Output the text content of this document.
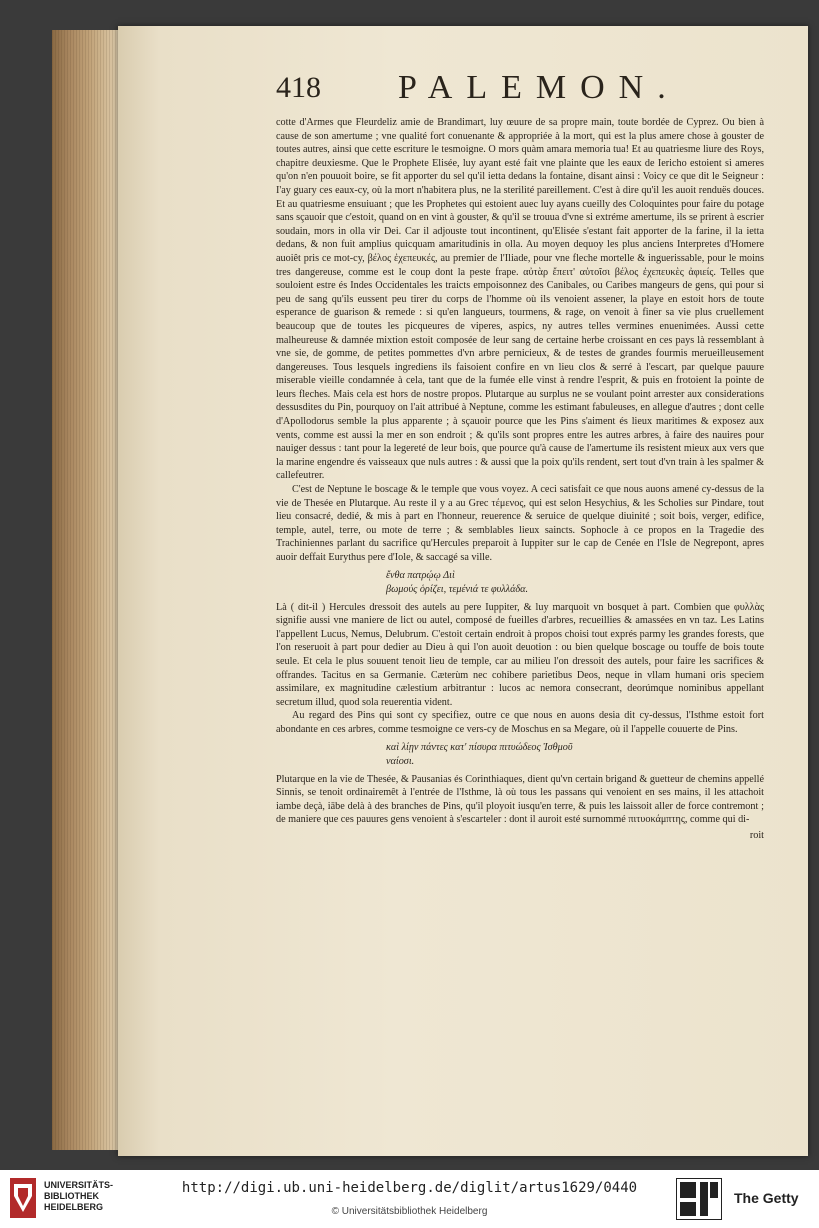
418 PALEMON.

cotte d'Armes que Fleurdeliz amie de Brandimart, luy œuure de sa propre main, toute bordée de Cyprez. Ou bien à cause de son amertume ; vne qualité fort conuenante & appropriée à la mort, qui est la plus amere chose à gouster de toutes autres, ainsi que cette escriture le tesmoigne. O mors quàm amara memoria tua! Et au quatriesme liure des Roys, chapitre deuxiesme. Que le Prophete Elisée, luy ayant esté fait vne plainte que les eaux de Iericho estoient si ameres qu'on n'en pouuoit boire, se fit apporter du sel qu'il ietta dedans la fontaine, disant ainsi : Voicy ce que dit le Seigneur : I'ay guary ces eaux-cy, où la mort n'habitera plus, ne la sterilité pareillement. C'est à dire qu'il les auoit renduës douces. Et au quatriesme ensuiuant ; que les Prophetes qui estoient auec luy ayans cueilly des Coloquintes pour faire du potage sans sçauoir que c'estoit, quand on en vint à gouster, & qu'il se trouua d'vne si extréme amertume, ils se prirent à escrier soudain, mors in olla vir Dei. Car il adjouste tout incontinent, qu'Elisée s'estant fait apporter de la farine, il la ietta dedans, & non fuit amplius quicquam amaritudinis in olla. Au moyen dequoy les plus anciens Interpretes d'Homere auoiêt pris ce mot-cy, βέλος ἐχεπευκές, au premier de l'Iliade, pour vne fleche mortelle & inguerissable, pour le moins tres dangereuse, comme est le coup dont la peste frape. αὐτὰρ ἔπειτ' αὐτοῖσι βέλος ἐχεπευκὲς ἀφιείς. Telles que souloient estre és Indes Occidentales les traicts empoisonnez des Canibales, ou Caribes mangeurs de gens, qui pour si peu de sang qu'ils eussent peu tirer du corps de l'homme où ils venoient assener, la playe en estoit hors de toute esperance de guarison & remede : si qu'en langueurs, tourmens, & rage, on venoit à finer sa vie plus cruellement beaucoup que de toutes les picqueures de viperes, aspics, ny autres telles vermines enuenimées. Aussi cette malheureuse & damnée mixtion estoit composée de leur sang de certaine herbe croissant en ces pays là ressemblant à vne sie, de gomme, de petites pommettes d'vn arbre pernicieux, & de testes de grandes fourmis merueilleusement dangereuses. Tous lesquels ingrediens ils faisoient confire en vn lieu clos & serré à l'escart, par quelque pauure miserable vieille condamnée à cela, tant que de la fumée elle vinst à rendre l'esprit, & puis en frotoient la pointe de leurs fleches. Mais cela est hors de nostre propos. Plutarque au surplus ne se voulant point arrester aux considerations dessusdites du Pin, pourquoy on l'ait attribué à Neptune, comme les estimant fabuleuses, en allegue d'autres ; dont celle d'Apollodorus semble la plus apparente ; à sçauoir pource que les Pins s'aiment és lieux maritimes & exposez aux vents, comme est aussi la mer en son endroit ; & qu'ils sont propres entre les autres arbres, à faire des nauires pour nauiger dessus : tant pour la legereté de leur bois, que pource qu'à cause de l'amertume ils resistent mieux aux vers que la marine engendre és vaisseaux que nuls autres : & aussi que la poix qu'ils rendent, sert tout d'vn train à les spalmer & callefeutrer.

C'est de Neptune le boscage & le temple que vous voyez. A ceci satisfait ce que nous auons amené cy-dessus de la vie de Thesée en Plutarque. Au reste il y a au Grec τέμενος, qui est selon Hesychius, & les Scholies sur Pindare, tout lieu consacré, dedié, & mis à part en l'honneur, reuerence & seruice de quelque diuinité ; soit bois, verger, edifice, temple, autel, terre, ou mote de terre ; & semblables lieux saincts. Sophocle à ce propos en la Tragedie des Trachiniennes parlant du sacrifice qu'Hercules preparoit à Iuppiter sur le cap de Cenée en l'Isle de Negrepont, apres auoir deffait Eurythus pere d'Iole, & saccagé sa ville.

ἔνθα πατρῴῳ Διὶ
βωμούς ὁρίζει, τεμένιά τε φυλλάδα.

Là ( dit-il ) Hercules dressoit des autels au pere Iuppiter, & luy marquoit vn bosquet à part. Combien que φυλλὰς signifie aussi vne maniere de lict ou autel, composé de fueilles d'arbres, recueillies & amassées en vn taz. Les Latins l'appellent Lucus, Nemus, Delubrum. C'estoit certain endroit à propos choisi tout exprés parmy les grandes forests, que l'on reseruoit à part pour dedier au Dieu à qui l'on auoit deuotion : ou bien quelque boscage ou touffe de bois toute seule. Et cela le plus souuent tenoit lieu de temple, car au milieu l'on dressoit des autels, pour faire les sacrifices & offrandes. Tacitus en sa Germanie. Cæterùm nec cohibere parietibus Deos, neque in vllam humani oris speciem assimilare, ex magnitudine cælestium arbitrantur : lucos ac nemora consecrant, deorúmque nominibus appellant secretum illud, quod sola reuerentia vident.

Au regard des Pins qui sont cy specifiez, outre ce que nous en auons desia dit cy-dessus, l'Isthme estoit fort abondante en ces arbres, comme tesmoigne ce vers-cy de Moschus en sa Megare, où il l'appelle couuerte de Pins.

καὶ λίῃν πάντες κατ' πίσυρα πιτυώδεος Ἰσθμοῦ
ναίοσι.

Plutarque en la vie de Thesée, & Pausanias és Corinthiaques, dient qu'vn certain brigand & guetteur de chemins appellé Sinnis, se tenoit ordinairemêt à l'entrée de l'Isthme, là où tous les passans qui venoient en ses mains, il les attachoit iambe deçà, iābe delà à des branches de Pins, qu'il ployoit iusqu'en terre, & puis les laissoit aller de force contremont ; de maniere que ces pauures gens venoient à s'escarteler : dont il auroit esté surnommé πιτυοκάμπτης, comme qui di-

roit
UNIVERSITÄTS-
BIBLIOTHEK
HEIDELBERG
http://digi.ub.uni-heidelberg.de/diglit/artus1629/0440
© Universitätsbibliothek Heidelberg
The Getty
